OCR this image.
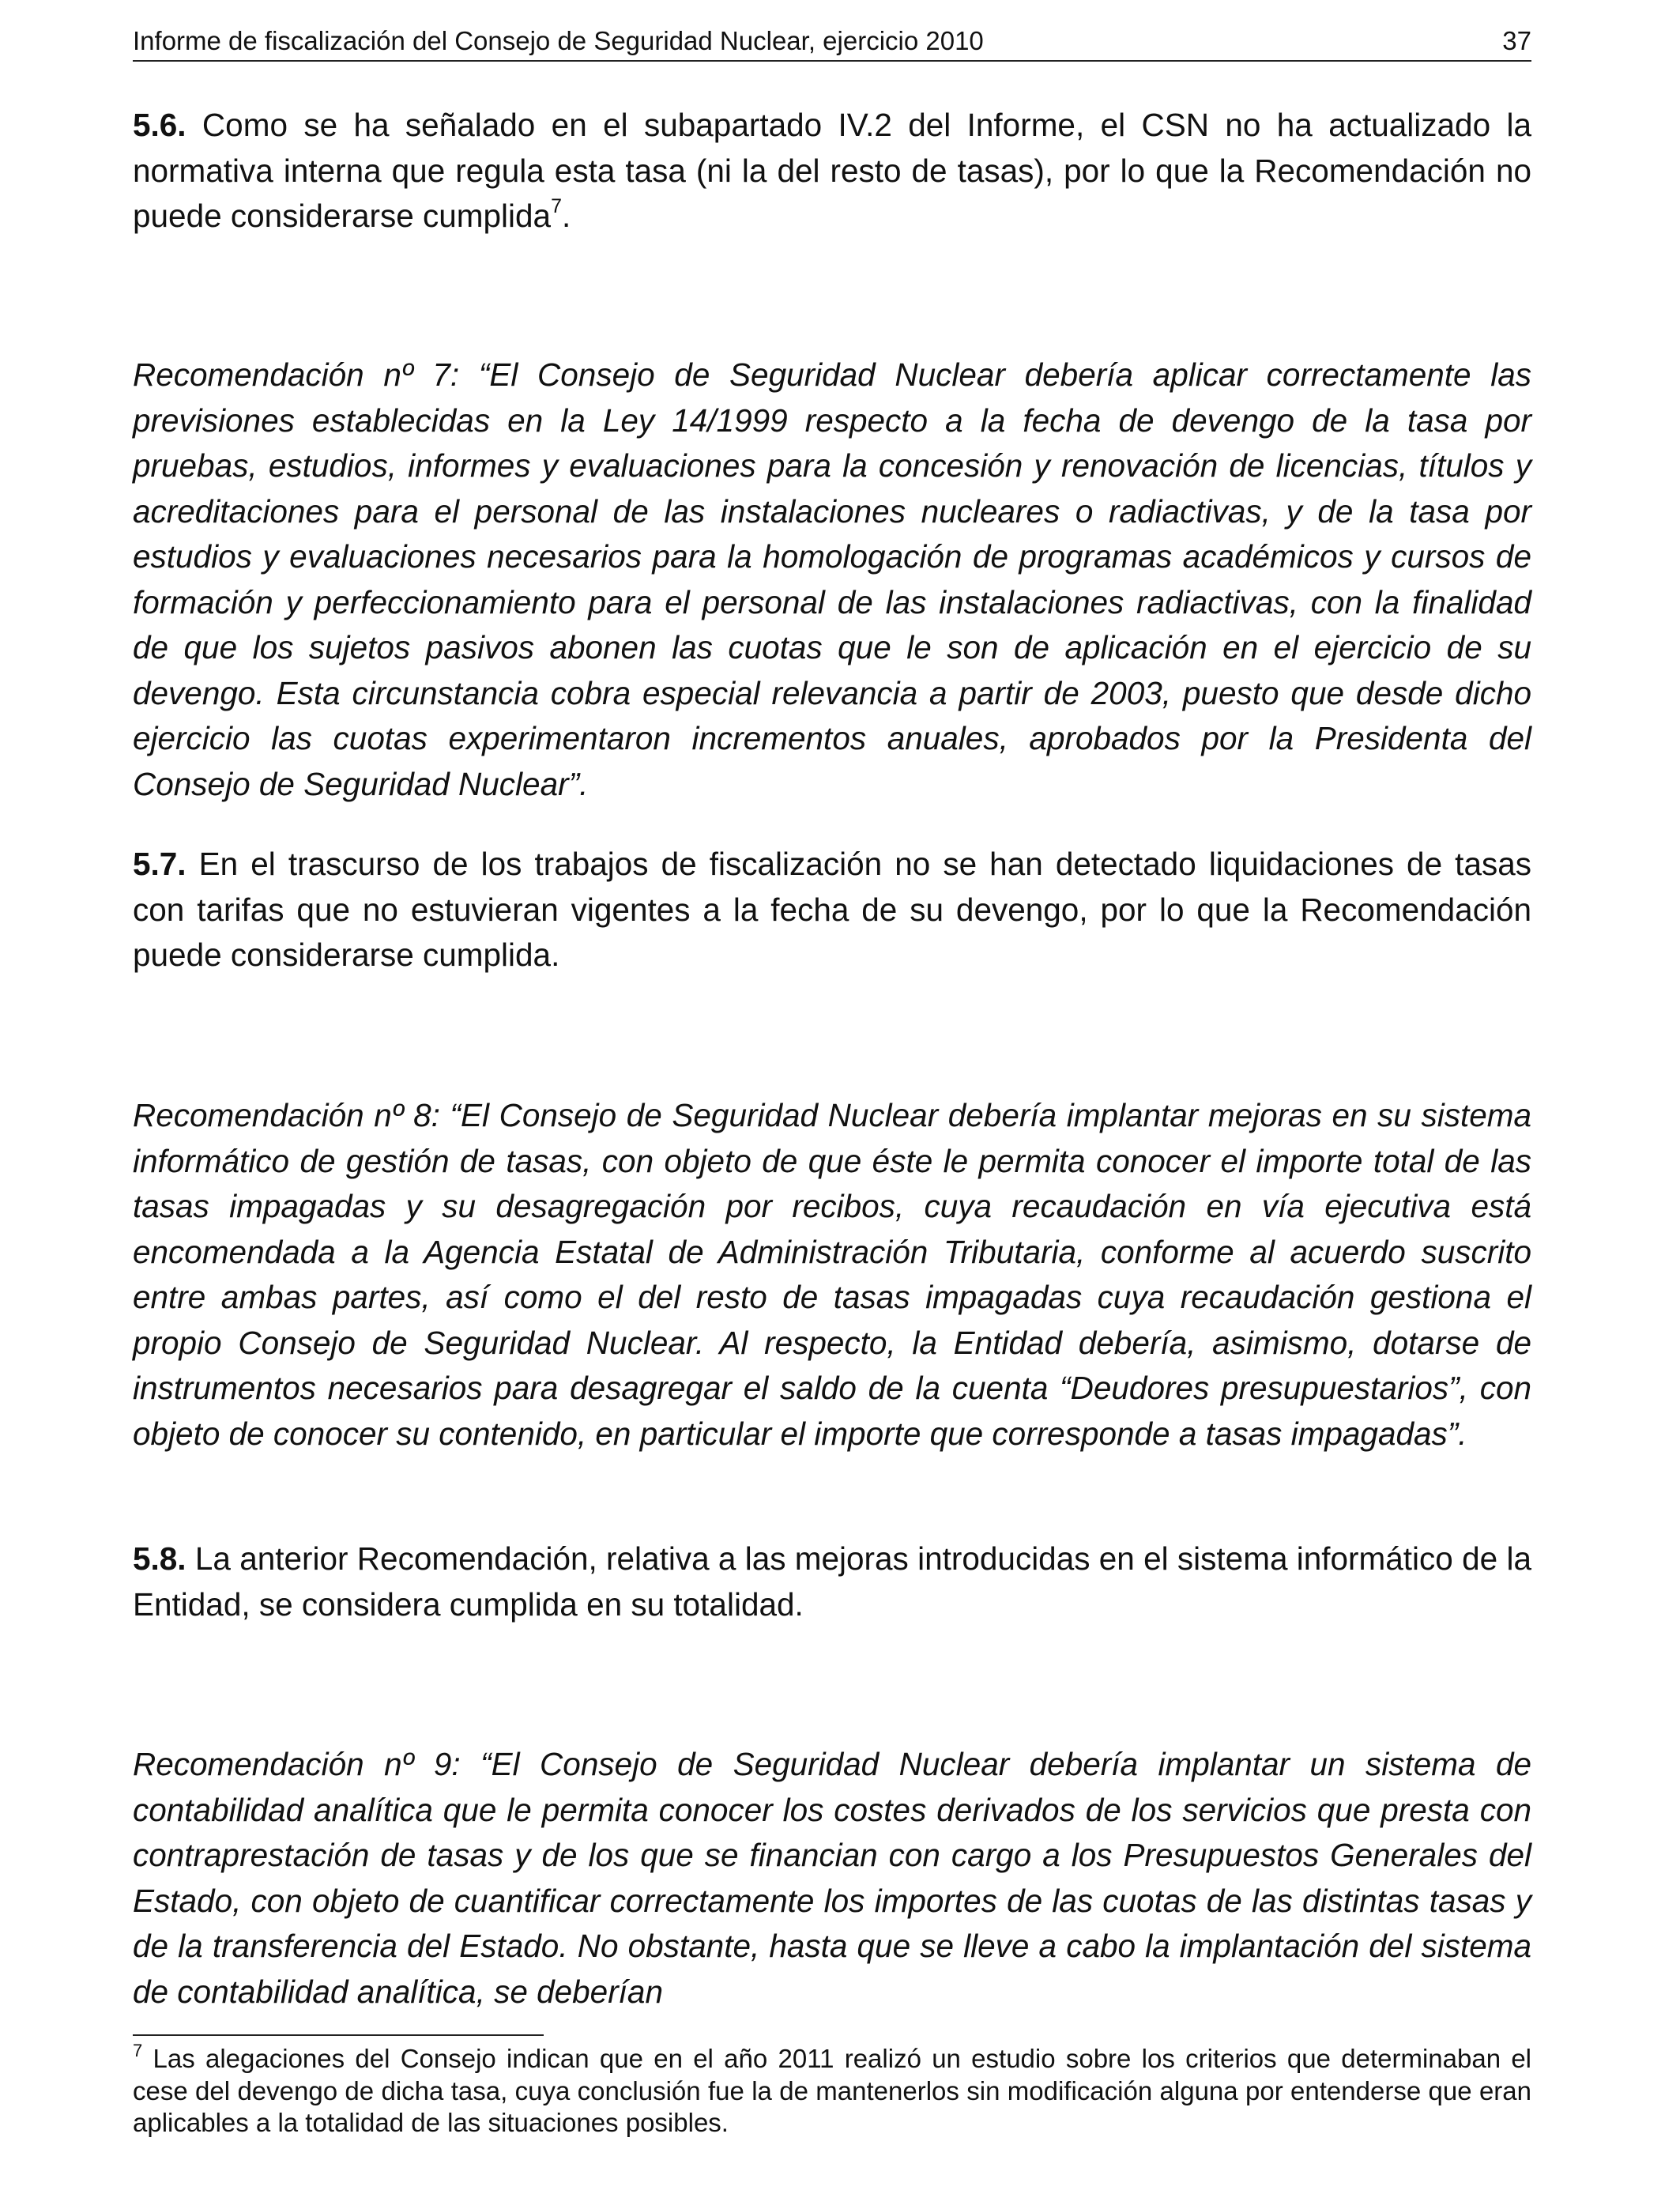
Informe de fiscalización del Consejo de Seguridad Nuclear, ejercicio 2010	37

5.6. Como se ha señalado en el subapartado IV.2 del Informe, el CSN no ha actualizado la normativa interna que regula esta tasa (ni la del resto de tasas), por lo que la Recomendación no puede considerarse cumplida$^7$.

Recomendación nº 7: “El Consejo de Seguridad Nuclear debería aplicar correctamente las previsiones establecidas en la Ley 14/1999 respecto a la fecha de devengo de la tasa por pruebas, estudios, informes y evaluaciones para la concesión y renovación de licencias, títulos y acreditaciones para el personal de las instalaciones nucleares o radiactivas, y de la tasa por estudios y evaluaciones necesarios para la homologación de programas académicos y cursos de formación y perfeccionamiento para el personal de las instalaciones radiactivas, con la finalidad de que los sujetos pasivos abonen las cuotas que le son de aplicación en el ejercicio de su devengo. Esta circunstancia cobra especial relevancia a partir de 2003, puesto que desde dicho ejercicio las cuotas experimentaron incrementos anuales, aprobados por la Presidenta del Consejo de Seguridad Nuclear”.

5.7. En el trascurso de los trabajos de fiscalización no se han detectado liquidaciones de tasas con tarifas que no estuvieran vigentes a la fecha de su devengo, por lo que la Recomendación puede considerarse cumplida.

Recomendación nº 8: “El Consejo de Seguridad Nuclear debería implantar mejoras en su sistema informático de gestión de tasas, con objeto de que éste le permita conocer el importe total de las tasas impagadas y su desagregación por recibos, cuya recaudación en vía ejecutiva está encomendada a la Agencia Estatal de Administración Tributaria, conforme al acuerdo suscrito entre ambas partes, así como el del resto de tasas impagadas cuya recaudación gestiona el propio Consejo de Seguridad Nuclear. Al respecto, la Entidad debería, asimismo, dotarse de instrumentos necesarios para desagregar el saldo de la cuenta “Deudores presupuestarios”, con objeto de conocer su contenido, en particular el importe que corresponde a tasas impagadas”.

5.8. La anterior Recomendación, relativa a las mejoras introducidas en el sistema informático de la Entidad, se considera cumplida en su totalidad.

Recomendación nº 9: “El Consejo de Seguridad Nuclear debería implantar un sistema de contabilidad analítica que le permita conocer los costes derivados de los servicios que presta con contraprestación de tasas y de los que se financian con cargo a los Presupuestos Generales del Estado, con objeto de cuantificar correctamente los importes de las cuotas de las distintas tasas y de la transferencia del Estado. No obstante, hasta que se lleve a cabo la implantación del sistema de contabilidad analítica, se deberían

$^7$ Las alegaciones del Consejo indican que en el año 2011 realizó un estudio sobre los criterios que determinaban el cese del devengo de dicha tasa, cuya conclusión fue la de mantenerlos sin modificación alguna por entenderse que eran aplicables a la totalidad de las situaciones posibles.
